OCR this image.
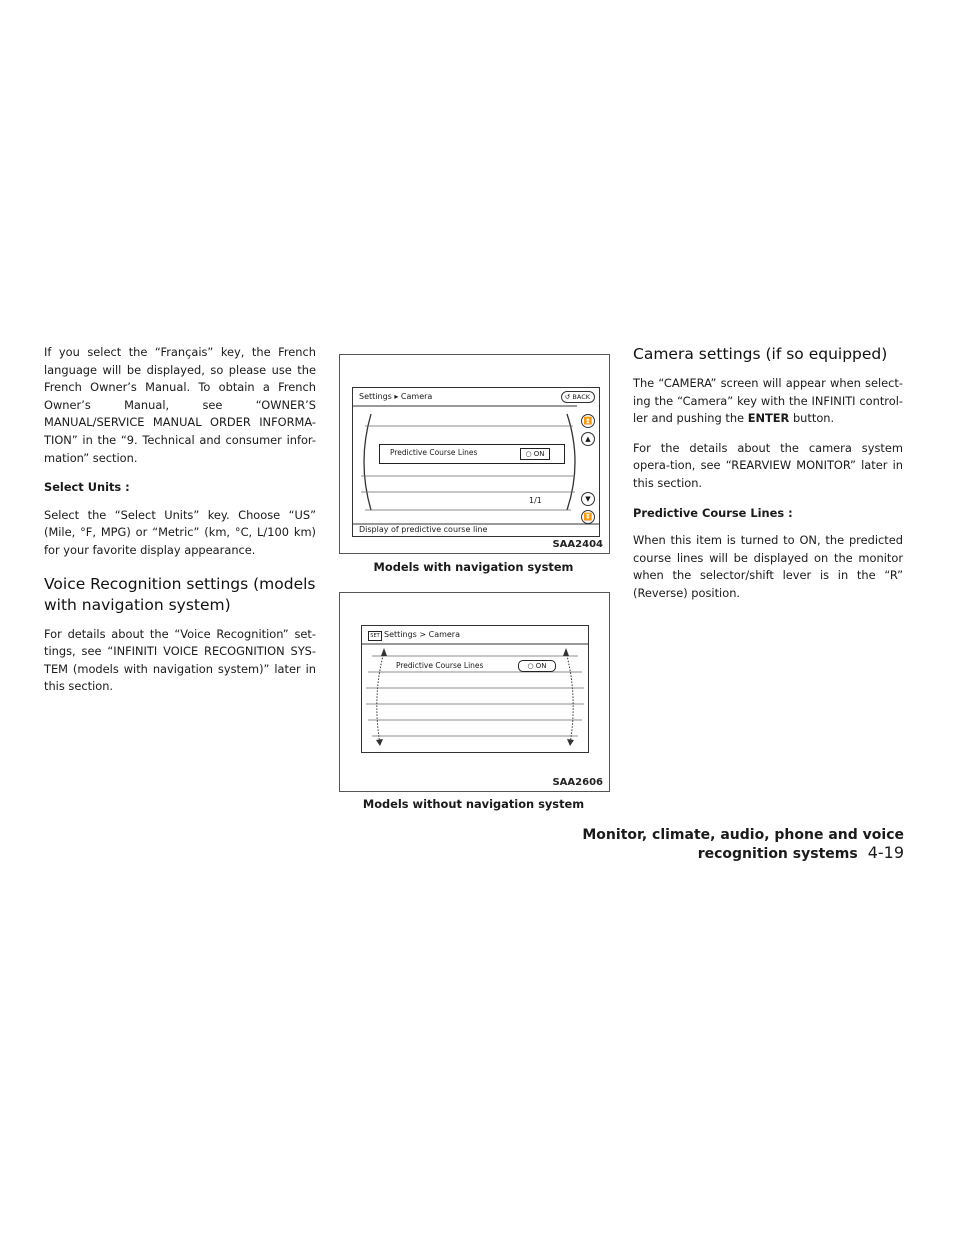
If you select the “Français” key, the French language will be displayed, so please use the French Owner’s Manual. To obtain a French Owner’s Manual, see “OWNER’S MANUAL/SERVICE MANUAL ORDER INFORMA-TION” in the “9. Technical and consumer infor-mation” section.

Select Units :

Select the “Select Units” key. Choose “US” (Mile, °F, MPG) or “Metric” (km, °C, L/100 km) for your favorite display appearance.

Voice Recognition settings (models with navigation system)

For details about the “Voice Recognition” set-tings, see “INFINITI VOICE RECOGNITION SYS-TEM (models with navigation system)” later in this section.

Settings ▸ Camera	↺ BACK
⏫
▲
▼
⏬
Predictive Course Lines	○ ON
1/1
Display of predictive course line
SAA2404
Models with navigation system
SET Settings > Camera
Predictive Course Lines	○ ON
SAA2606
Models without navigation system
Camera settings (if so equipped)

The “CAMERA” screen will appear when select-ing the “Camera” key with the INFINITI control-ler and pushing the ENTER button.

For the details about the camera system opera-tion, see “REARVIEW MONITOR” later in this section.

Predictive Course Lines :

When this item is turned to ON, the predicted course lines will be displayed on the monitor when the selector/shift lever is in the “R” (Reverse) position.

Monitor, climate, audio, phone and voice recognition systems 4-19
